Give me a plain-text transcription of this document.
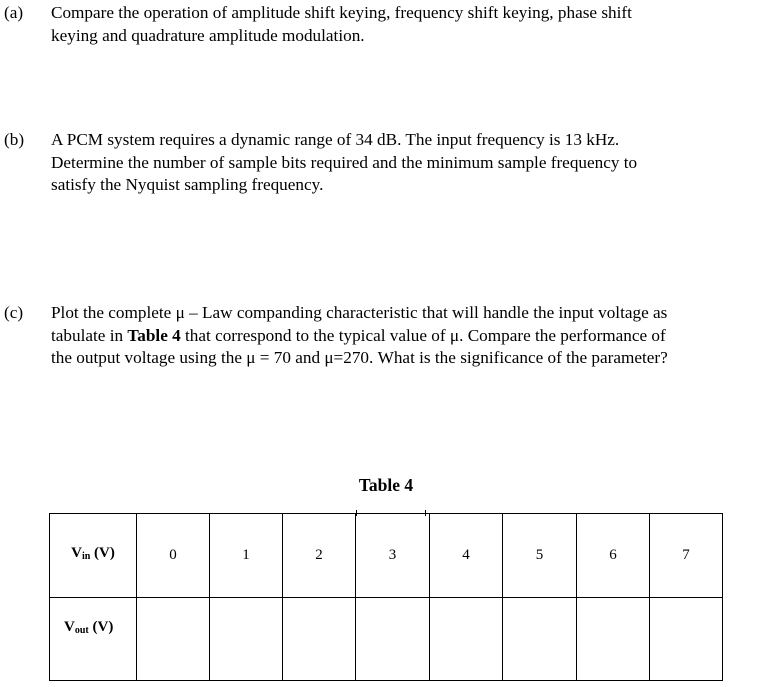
(a) Compare the operation of amplitude shift keying, frequency shift keying, phase shift
keying and quadrature amplitude modulation.
(b) A PCM system requires a dynamic range of 34 dB. The input frequency is 13 kHz.
Determine the number of sample bits required and the minimum sample frequency to
satisfy the Nyquist sampling frequency.
(c) Plot the complete μ – Law companding characteristic that will handle the input voltage as
tabulate in Table 4 that correspond to the typical value of μ. Compare the performance of
the output voltage using the μ = 70 and μ=270. What is the significance of the parameter?
Table 4
$V_{in}$ (V)	0	1	2	3	4	5	6	7

$V_{out}$ (V)								
